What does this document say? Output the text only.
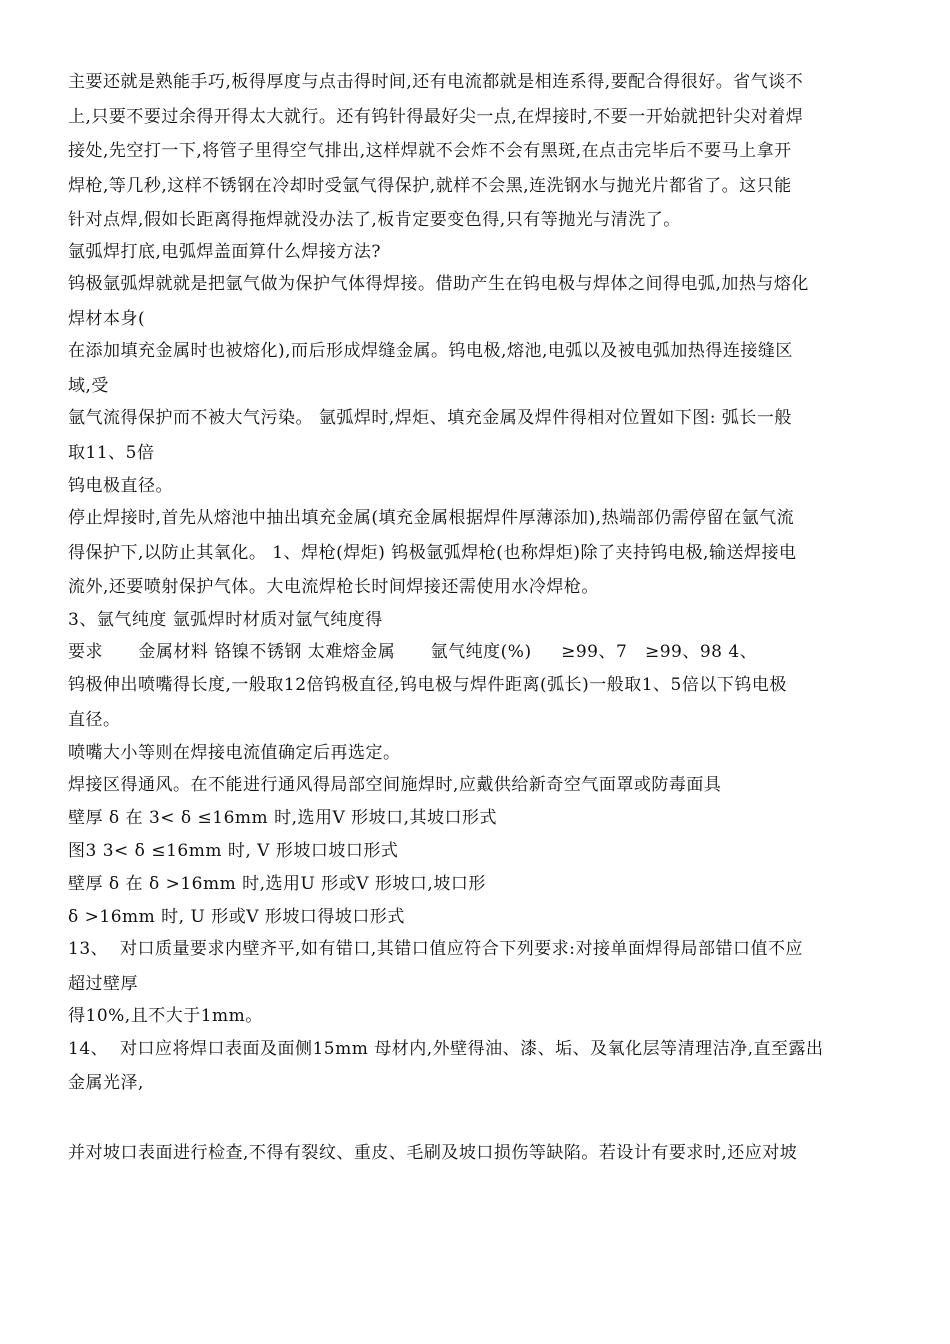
主要还就是熟能手巧,板得厚度与点击得时间,还有电流都就是相连系得,要配合得很好。省气谈不
上,只要不要过余得开得太大就行。还有钨针得最好尖一点,在焊接时,不要一开始就把针尖对着焊
接处,先空打一下,将管子里得空气排出,这样焊就不会炸不会有黑斑,在点击完毕后不要马上拿开
焊枪,等几秒,这样不锈钢在冷却时受氩气得保护,就样不会黑,连洗钢水与抛光片都省了。这只能
针对点焊,假如长距离得拖焊就没办法了,板肯定要变色得,只有等抛光与清洗了。
氩弧焊打底,电弧焊盖面算什么焊接方法?
钨极氩弧焊就就是把氩气做为保护气体得焊接。借助产生在钨电极与焊体之间得电弧,加热与熔化
焊材本身(
在添加填充金属时也被熔化),而后形成焊缝金属。钨电极,熔池,电弧以及被电弧加热得连接缝区
域,受
氩气流得保护而不被大气污染。 氩弧焊时,焊炬、填充金属及焊件得相对位置如下图: 弧长一般
取11、5倍
钨电极直径。
停止焊接时,首先从熔池中抽出填充金属(填充金属根据焊件厚薄添加),热端部仍需停留在氩气流
得保护下,以防止其氧化。 1、焊枪(焊炬) 钨极氩弧焊枪(也称焊炬)除了夹持钨电极,输送焊接电
流外,还要喷射保护气体。大电流焊枪长时间焊接还需使用水冷焊枪。
3、氩气纯度 氩弧焊时材质对氩气纯度得
要求      金属材料 铬镍不锈钢 太难熔金属      氩气纯度(%)     ≥99、7   ≥99、98 4、
钨极伸出喷嘴得长度,一般取12倍钨极直径,钨电极与焊件距离(弧长)一般取1、5倍以下钨电极
直径。
喷嘴大小等则在焊接电流值确定后再选定。
焊接区得通风。在不能进行通风得局部空间施焊时,应戴供给新奇空气面罩或防毒面具
壁厚 δ 在 3< δ ≤16mm 时,选用V 形坡口,其坡口形式
图3 3< δ ≤16mm 时, V 形坡口坡口形式
壁厚 δ 在 δ >16mm 时,选用U 形或V 形坡口,坡口形
δ >16mm 时, U 形或V 形坡口得坡口形式
13、  对口质量要求内壁齐平,如有错口,其错口值应符合下列要求:对接单面焊得局部错口值不应
超过壁厚
得10%,且不大于1mm。
14、  对口应将焊口表面及面侧15mm 母材内,外壁得油、漆、垢、及氧化层等清理洁净,直至露出
金属光泽,
并对坡口表面进行检查,不得有裂纹、重皮、毛刷及坡口损伤等缺陷。若设计有要求时,还应对坡
